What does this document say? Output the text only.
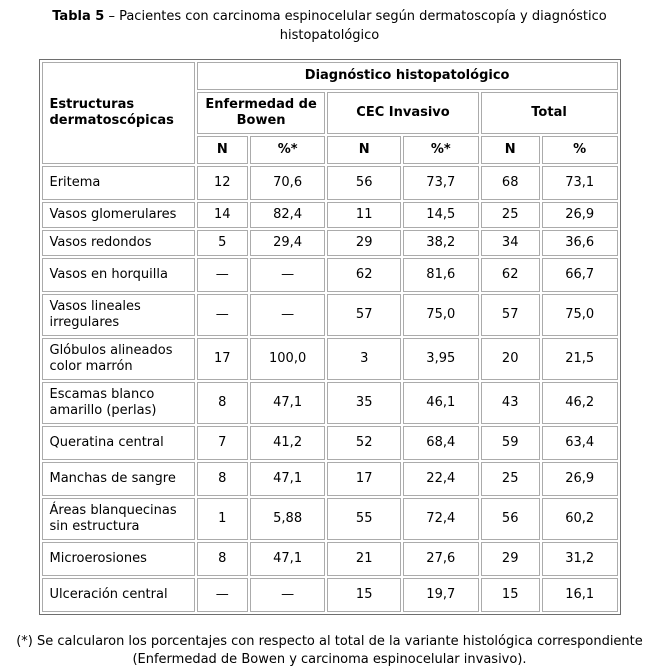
Tabla 5 – Pacientes con carcinoma espinocelular según dermatoscopía y diagnóstico histopatológico
Estructuras dermatoscópicas	Diagnóstico histopatológico					
	Enfermedad de Bowen		CEC Invasivo		Total	
	N	%*	N	%*	N	%
Eritema	12	70,6	56	73,7	68	73,1
Vasos glomerulares	14	82,4	11	14,5	25	26,9
Vasos redondos	5	29,4	29	38,2	34	36,6
Vasos en horquilla	—	—	62	81,6	62	66,7
Vasos lineales irregulares	—	—	57	75,0	57	75,0
Glóbulos alineados color marrón	17	100,0	3	3,95	20	21,5
Escamas blanco amarillo (perlas)	8	47,1	35	46,1	43	46,2
Queratina central	7	41,2	52	68,4	59	63,4
Manchas de sangre	8	47,1	17	22,4	25	26,9
Áreas blanquecinas sin estructura	1	5,88	55	72,4	56	60,2
Microerosiones	8	47,1	21	27,6	29	31,2
Ulceración central	—	—	15	19,7	15	16,1
(*) Se calcularon los porcentajes con respecto al total de la variante histológica correspondiente
(Enfermedad de Bowen y carcinoma espinocelular invasivo).
